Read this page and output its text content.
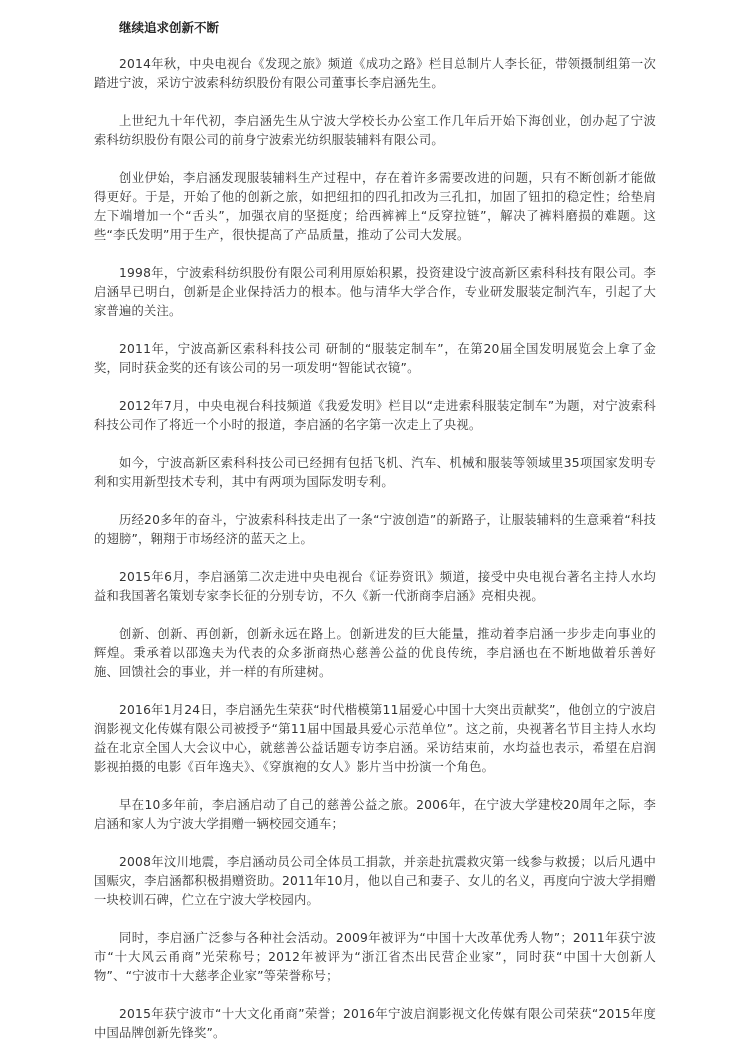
继续追求创新不断

2014年秋，中央电视台《发现之旅》频道《成功之路》栏目总制片人李长征，带领摄制组第一次踏进宁波，采访宁波索科纺织股份有限公司董事长李启涵先生。

上世纪九十年代初，李启涵先生从宁波大学校长办公室工作几年后开始下海创业，创办起了宁波索科纺织股份有限公司的前身宁波索光纺织服装辅料有限公司。

创业伊始，李启涵发现服装辅料生产过程中，存在着许多需要改进的问题，只有不断创新才能做得更好。于是，开始了他的创新之旅，如把纽扣的四孔扣改为三孔扣，加固了钮扣的稳定性；给垫肩左下端增加一个“舌头”，加强衣肩的坚挺度；给西裤裤上“反穿拉链”，解决了裤料磨损的难题。这些“李氏发明”用于生产，很快提高了产品质量，推动了公司大发展。

1998年，宁波索科纺织股份有限公司利用原始积累，投资建设宁波高新区索科科技有限公司。李启涵早已明白，创新是企业保持活力的根本。他与清华大学合作，专业研发服装定制汽车，引起了大家普遍的关注。

2011年，宁波高新区索科科技公司 研制的“服装定制车”，在第20届全国发明展览会上拿了金奖，同时获金奖的还有该公司的另一项发明“智能试衣镜”。

2012年7月，中央电视台科技频道《我爱发明》栏目以“走进索科服装定制车”为题，对宁波索科科技公司作了将近一个小时的报道，李启涵的名字第一次走上了央视。

如今，宁波高新区索科科技公司已经拥有包括飞机、汽车、机械和服装等领域里35项国家发明专利和实用新型技术专利，其中有两项为国际发明专利。

历经20多年的奋斗，宁波索科科技走出了一条“宁波创造”的新路子，让服装辅料的生意乘着“科技的翅膀”，翱翔于市场经济的蓝天之上。

2015年6月，李启涵第二次走进中央电视台《证券资讯》频道，接受中央电视台著名主持人水均益和我国著名策划专家李长征的分别专访，不久《新一代浙商李启涵》亮相央视。

创新、创新、再创新，创新永远在路上。创新进发的巨大能量，推动着李启涵一步步走向事业的辉煌。秉承着以邵逸夫为代表的众多浙商热心慈善公益的优良传统，李启涵也在不断地做着乐善好施、回馈社会的事业，并一样的有所建树。

2016年1月24日，李启涵先生荣获“时代楷模第11届爱心中国十大突出贡献奖”，他创立的宁波启润影视文化传媒有限公司被授予“第11届中国最具爱心示范单位”。这之前，央视著名节目主持人水均益在北京全国人大会议中心，就慈善公益话题专访李启涵。采访结束前，水均益也表示，希望在启润影视拍摄的电影《百年逸夫》、《穿旗袍的女人》影片当中扮演一个角色。

早在10多年前，李启涵启动了自己的慈善公益之旅。2006年，在宁波大学建校20周年之际，李启涵和家人为宁波大学捐赠一辆校园交通车；

2008年汶川地震，李启涵动员公司全体员工捐款，并亲赴抗震救灾第一线参与救援；以后凡遇中国赈灾，李启涵都积极捐赠资助。2011年10月，他以自己和妻子、女儿的名义，再度向宁波大学捐赠一块校训石碑，伫立在宁波大学校园内。

同时，李启涵广泛参与各种社会活动。2009年被评为“中国十大改革优秀人物”；2011年获宁波市“十大风云甬商”光荣称号；2012年被评为“浙江省杰出民营企业家”，同时获“中国十大创新人物”、“宁波市十大慈孝企业家”等荣誉称号；

2015年获宁波市“十大文化甬商”荣誉；2016年宁波启润影视文化传媒有限公司荣获“2015年度中国品牌创新先锋奖”。
